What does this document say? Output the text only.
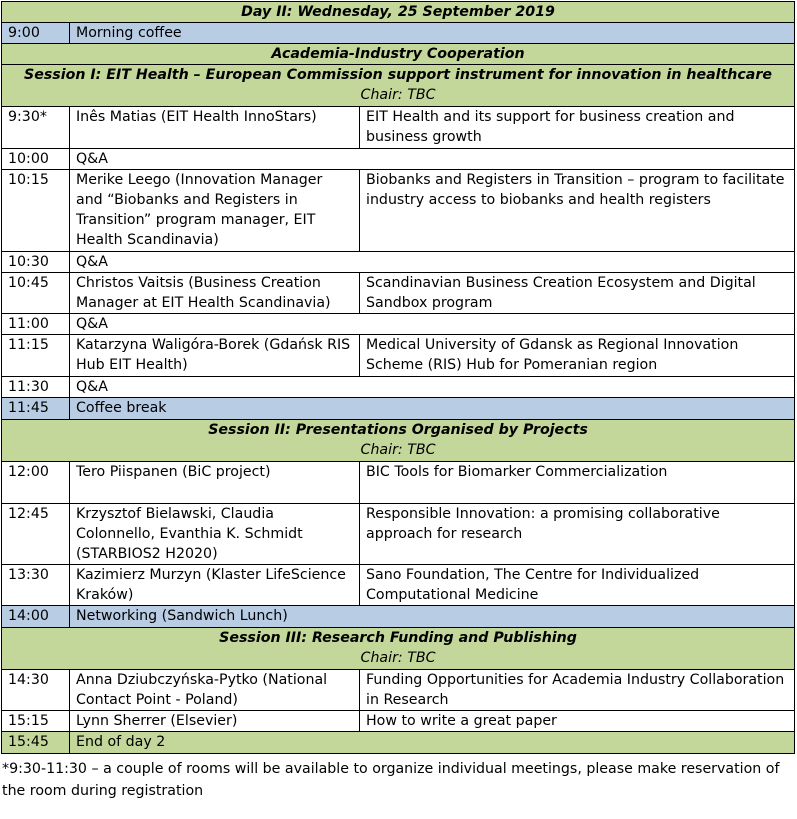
Day II: Wednesday, 25 September 2019		
9:00	Morning coffee	
Academia-Industry Cooperation		

Session I: EIT Health – European Commission support instrument for innovation in healthcare
Chair: TBC		

9:30*	Inês Matias (EIT Health InnoStars)	EIT Health and its support for business creation and business growth
10:00	Q&A	
10:15	Merike Leego (Innovation Manager and “Biobanks and Registers in Transition” program manager, EIT Health Scandinavia)	Biobanks and Registers in Transition – program to facilitate industry access to biobanks and health registers
10:30	Q&A	
10:45	Christos Vaitsis (Business Creation Manager at EIT Health Scandinavia)	Scandinavian Business Creation Ecosystem and Digital Sandbox program
11:00	Q&A	
11:15	Katarzyna Waligóra-Borek (Gdańsk RIS Hub EIT Health)	Medical University of Gdansk as Regional Innovation Scheme (RIS) Hub for Pomeranian region
11:30	Q&A	
11:45	Coffee break	

Session II: Presentations Organised by Projects
Chair: TBC		

12:00	Tero Piispanen (BiC project)	BIC Tools for Biomarker Commercialization
12:45	Krzysztof Bielawski, Claudia Colonnello, Evanthia K. Schmidt (STARBIOS2 H2020)	Responsible Innovation: a promising collaborative approach for research
13:30	Kazimierz Murzyn (Klaster LifeScience Kraków)	Sano Foundation, The Centre for Individualized Computational Medicine
14:00	Networking (Sandwich Lunch)	

Session III: Research Funding and Publishing
Chair: TBC		

14:30	Anna Dziubczyńska-Pytko (National Contact Point - Poland)	Funding Opportunities for Academia Industry Collaboration in Research
15:15	Lynn Sherrer (Elsevier)	How to write a great paper
15:45	End of day 2	
*9:30-11:30 – a couple of rooms will be available to organize individual meetings, please make reservation of the room during registration
